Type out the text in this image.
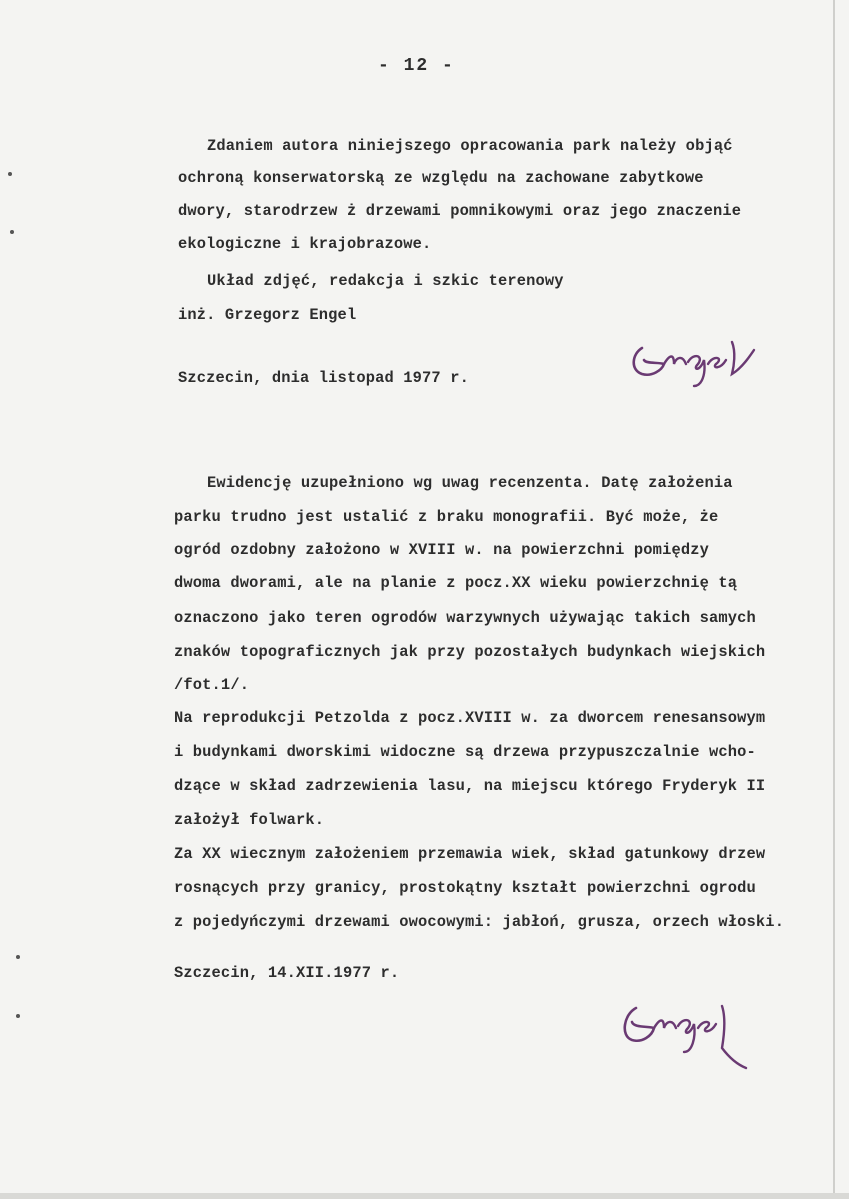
- 12 -
Zdaniem autora niniejszego opracowania park należy objąć
ochroną konserwatorską ze względu na zachowane zabytkowe
dwory, starodrzew ż drzewami pomnikowymi oraz jego znaczenie
ekologiczne i krajobrazowe.
Układ zdjęć, redakcja i szkic terenowy
inż. Grzegorz Engel
Szczecin, dnia listopad 1977 r.
Ewidencję uzupełniono wg uwag recenzenta. Datę założenia
parku trudno jest ustalić z braku monografii. Być może, że
ogród ozdobny założono w XVIII w. na powierzchni pomiędzy
dwoma dworami, ale na planie z pocz.XX wieku powierzchnię tą
oznaczono jako teren ogrodów warzywnych używając takich samych
znaków topograficznych jak przy pozostałych budynkach wiejskich
/fot.1/.
Na reprodukcji Petzolda z pocz.XVIII w. za dworcem renesansowym
i budynkami dworskimi widoczne są drzewa przypuszczalnie wcho-
dzące w skład zadrzewienia lasu, na miejscu którego Fryderyk II
założył folwark.
Za XX wiecznym założeniem przemawia wiek, skład gatunkowy drzew
rosnących przy granicy, prostokątny kształt powierzchni ogrodu
z pojedyńczymi drzewami owocowymi: jabłoń, grusza, orzech włoski.
Szczecin, 14.XII.1977 r.
